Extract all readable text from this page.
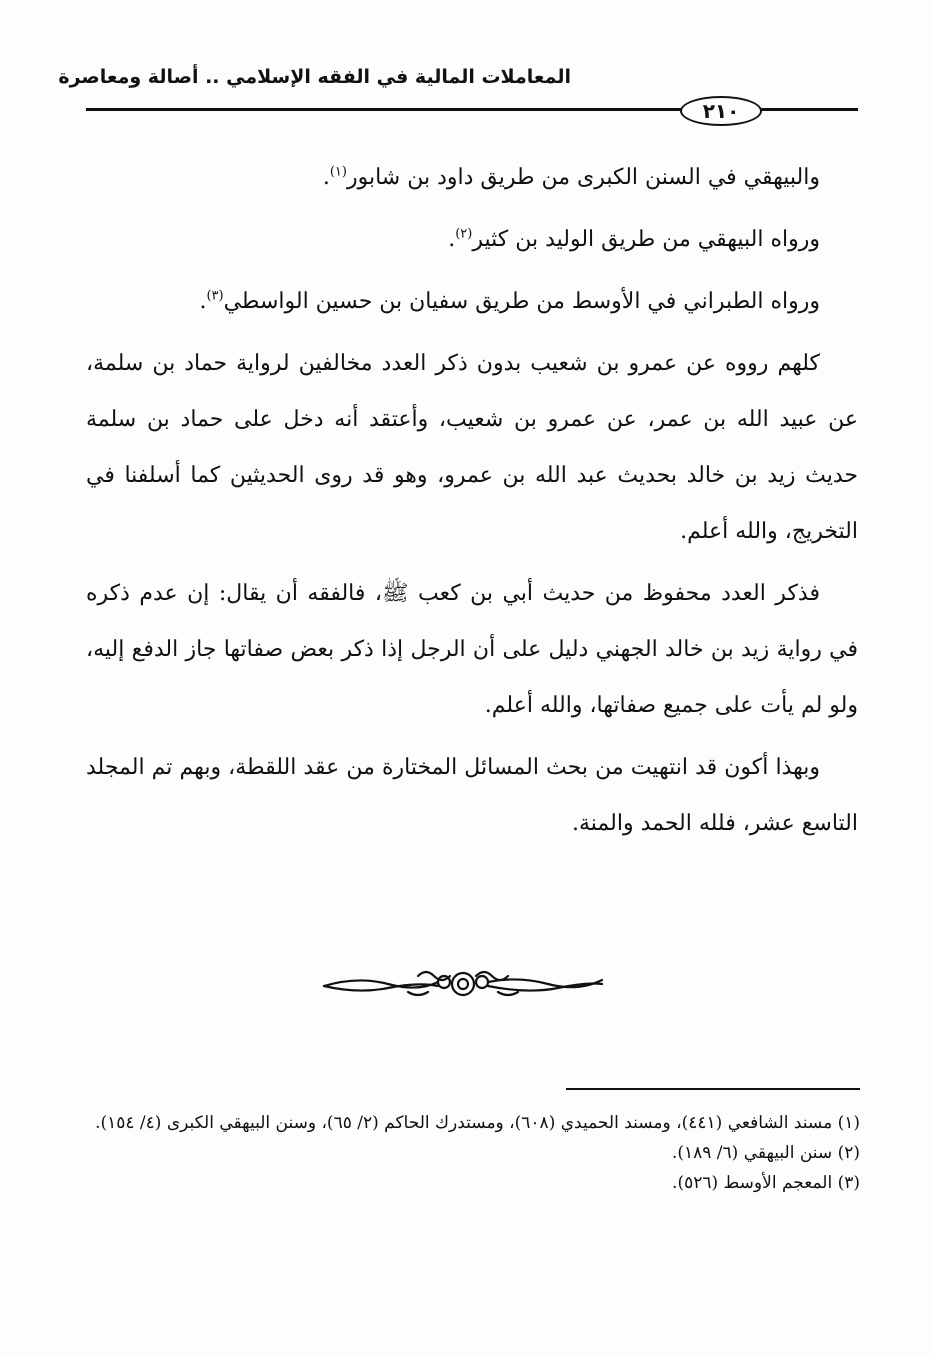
المعاملات المالية في الفقه الإسلامي .. أصالة ومعاصرة
٢١٠

والبيهقي في السنن الكبرى من طريق داود بن شابور$^{(١)}$.

ورواه البيهقي من طريق الوليد بن كثير$^{(٢)}$.

ورواه الطبراني في الأوسط من طريق سفيان بن حسين الواسطي$^{(٣)}$.

كلهم رووه عن عمرو بن شعيب بدون ذكر العدد مخالفين لرواية حماد بن سلمة، عن عبيد الله بن عمر، عن عمرو بن شعيب، وأعتقد أنه دخل على حماد بن سلمة حديث زيد بن خالد بحديث عبد الله بن عمرو، وهو قد روى الحديثين كما أسلفنا في التخريج، والله أعلم.

فذكر العدد محفوظ من حديث أبي بن كعب ﷺ، فالفقه أن يقال: إن عدم ذكره في رواية زيد بن خالد الجهني دليل على أن الرجل إذا ذكر بعض صفاتها جاز الدفع إليه، ولو لم يأت على جميع صفاتها، والله أعلم.

وبهذا أكون قد انتهيت من بحث المسائل المختارة من عقد اللقطة، وبهم تم المجلد التاسع عشر، فلله الحمد والمنة.

(١) مسند الشافعي (٤٤١)، ومسند الحميدي (٦٠٨)، ومستدرك الحاكم (٢/ ٦٥)، وسنن البيهقي الكبرى (٤/ ١٥٤).
(٢) سنن البيهقي (٦/ ١٨٩).
(٣) المعجم الأوسط (٥٢٦).
